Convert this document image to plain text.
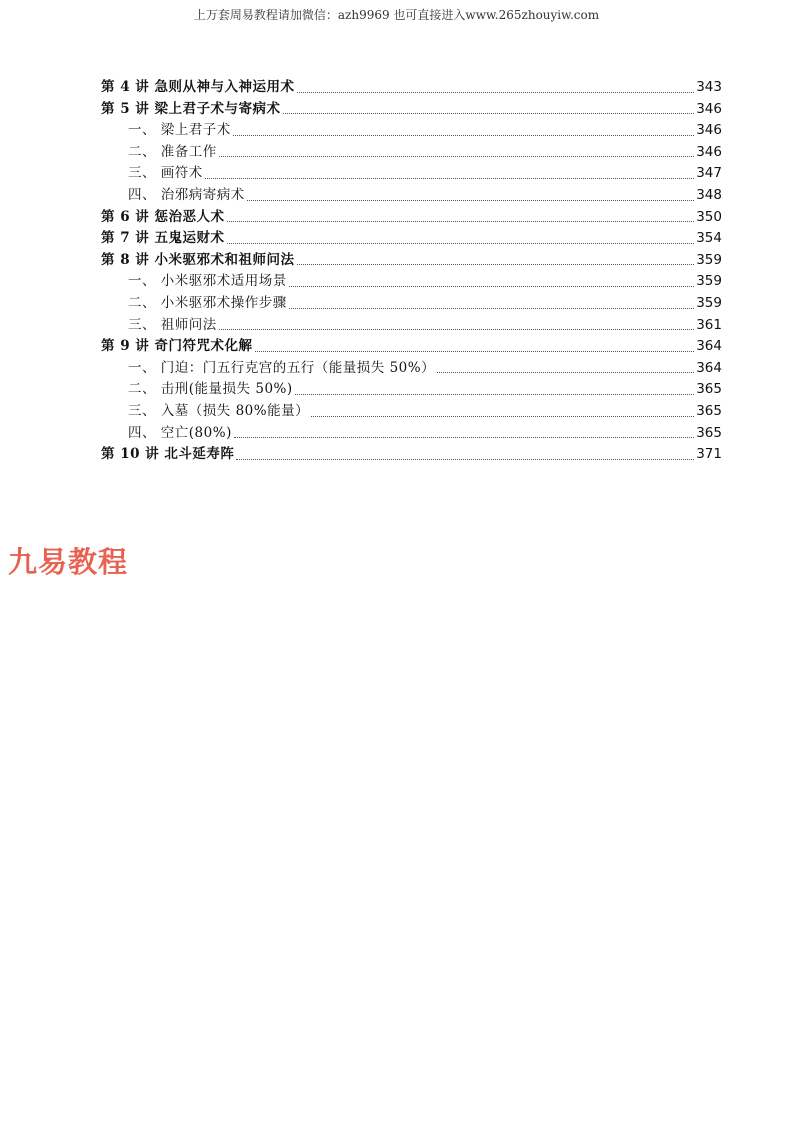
上万套周易教程请加微信：azh9969 也可直接进入www.265zhouyiw.com
第 4 讲 急则从神与入神运用术	343
第 5 讲 梁上君子术与寄病术	346
一、 梁上君子术	346
二、 准备工作	346
三、 画符术	347
四、 治邪病寄病术	348
第 6 讲 惩治恶人术	350
第 7 讲 五鬼运财术	354
第 8 讲 小米驱邪术和祖师问法	359
一、 小米驱邪术适用场景	359
二、 小米驱邪术操作步骤	359
三、 祖师问法	361
第 9 讲 奇门符咒术化解	364
一、 门迫：门五行克宫的五行（能量损失 50%）	364
二、 击刑(能量损失 50%)	365
三、 入墓（损失 80%能量）	365
四、 空亡(80%)	365
第 10 讲 北斗延寿阵	371
九易教程
